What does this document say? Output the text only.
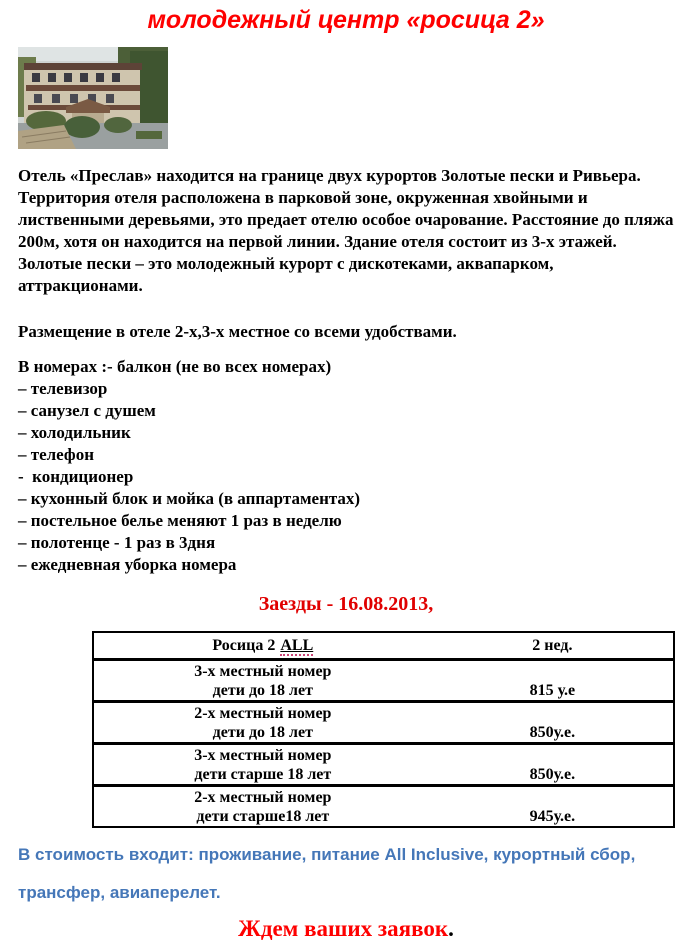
молодежный центр «росица 2»
Отель «Преслав» находится на границе двух курортов Золотые пески и Ривьера. Территория отеля расположена в парковой зоне, окруженная хвойными и лиственными деревьями, это предает отелю особое очарование. Расстояние до пляжа 200м, хотя он находится на первой линии. Здание отеля состоит из 3-х этажей. Золотые пески – это молодежный курорт с дискотеками, аквапарком, аттракционами.
Размещение в отеле 2-х,3-х местное со всеми удобствами.
В номерах :- балкон (не во всех номерах)
– телевизор
– санузел с душем
– холодильник
– телефон
-  кондиционер
– кухонный блок и мойка (в аппартаментах)
– постельное белье меняют 1 раз в неделю
– полотенце - 1 раз в 3дня
– ежедневная уборка номера
Заезды - 16.08.2013,
Росица 2 ALL	2 нед.

3-х местный номер
дети до 18 лет	815 у.е

2-х местный номер
дети до 18 лет	850у.е.

3-х местный номер
дети старше 18 лет	850у.е.

2-х местный номер
дети старше18 лет	945у.е.
В стоимость входит: проживание, питание All Inclusive, курортный сбор, трансфер, авиаперелет.
Ждем ваших заявок.
